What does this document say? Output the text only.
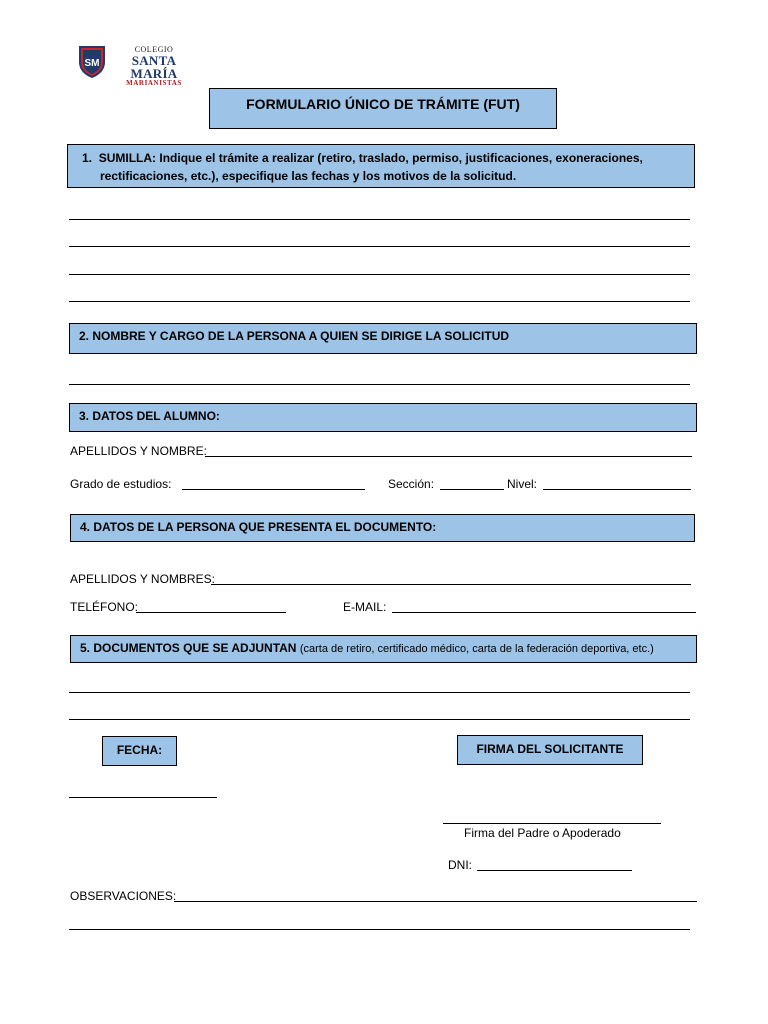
SM
COLEGIO
SANTA MARÍA
MARIANISTAS
FORMULARIO ÚNICO DE TRÁMITE (FUT)
1. SUMILLA: Indique el trámite a realizar (retiro, traslado, permiso, justificaciones, exoneraciones,
rectificaciones, etc.), especifique las fechas y los motivos de la solicitud.
2. NOMBRE Y CARGO DE LA PERSONA A QUIEN SE DIRIGE LA SOLICITUD
3. DATOS DEL ALUMNO:
APELLIDOS Y NOMBRE:
Grado de estudios:	Sección:	Nivel:
4. DATOS DE LA PERSONA QUE PRESENTA EL DOCUMENTO:
APELLIDOS Y NOMBRES:
TELÉFONO:	E-MAIL:
5. DOCUMENTOS QUE SE ADJUNTAN (carta de retiro, certificado médico, carta de la federación deportiva, etc.)
FECHA:	FIRMA DEL SOLICITANTE
Firma del Padre o Apoderado
DNI:
OBSERVACIONES:
